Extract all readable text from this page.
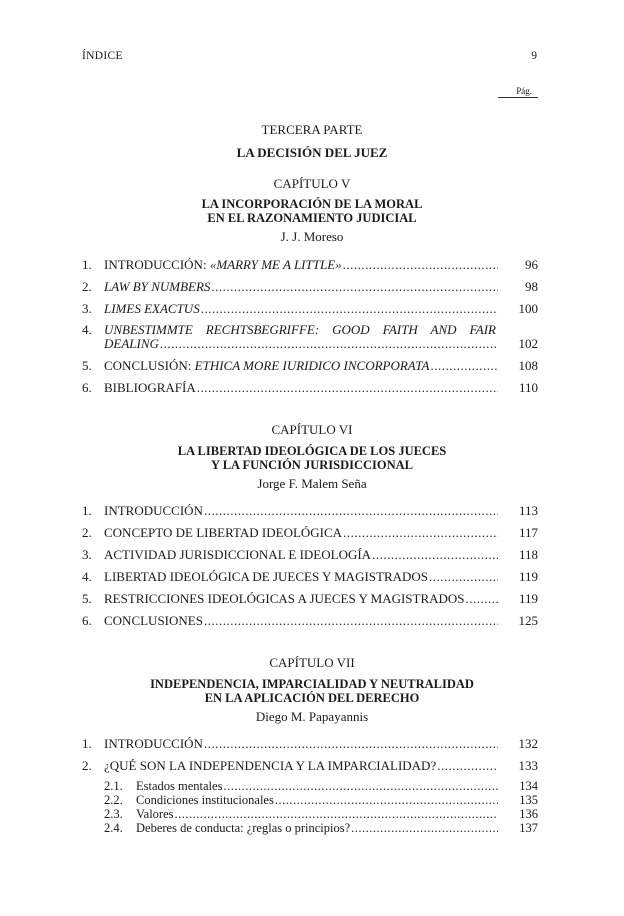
ÍNDICE	9
Pág.
TERCERA PARTE
LA DECISIÓN DEL JUEZ
CAPÍTULO V
LA INCORPORACIÓN DE LA MORAL
EN EL RAZONAMIENTO JUDICIAL
J. J. Moreso
1. INTRODUCCIÓN: «MARRY ME A LITTLE» .....	96
2. LAW BY NUMBERS .....	98
3. LIMES EXACTUS .....	100
4. UNBESTIMMTE RECHTSBEGRIFFE: GOOD FAITH AND FAIR
DEALING .....	102
5. CONCLUSIÓN: ETHICA MORE IURIDICO INCORPORATA .....	108
6. BIBLIOGRAFÍA .....	110
CAPÍTULO VI
LA LIBERTAD IDEOLÓGICA DE LOS JUECES
Y LA FUNCIÓN JURISDICCIONAL
Jorge F. Malem Seña
1. INTRODUCCIÓN .....	113
2. CONCEPTO DE LIBERTAD IDEOLÓGICA .....	117
3. ACTIVIDAD JURISDICCIONAL E IDEOLOGÍA .....	118
4. LIBERTAD IDEOLÓGICA DE JUECES Y MAGISTRADOS .....	119
5. RESTRICCIONES IDEOLÓGICAS A JUECES Y MAGISTRADOS .....	119
6. CONCLUSIONES .....	125
CAPÍTULO VII
INDEPENDENCIA, IMPARCIALIDAD Y NEUTRALIDAD
EN LA APLICACIÓN DEL DERECHO
Diego M. Papayannis
1. INTRODUCCIÓN .....	132
2. ¿QUÉ SON LA INDEPENDENCIA Y LA IMPARCIALIDAD? .....	133
2.1.	Estados mentales .....	134
2.2.	Condiciones institucionales .....	135
2.3.	Valores .....	136
2.4.	Deberes de conducta: ¿reglas o principios? .....	137
